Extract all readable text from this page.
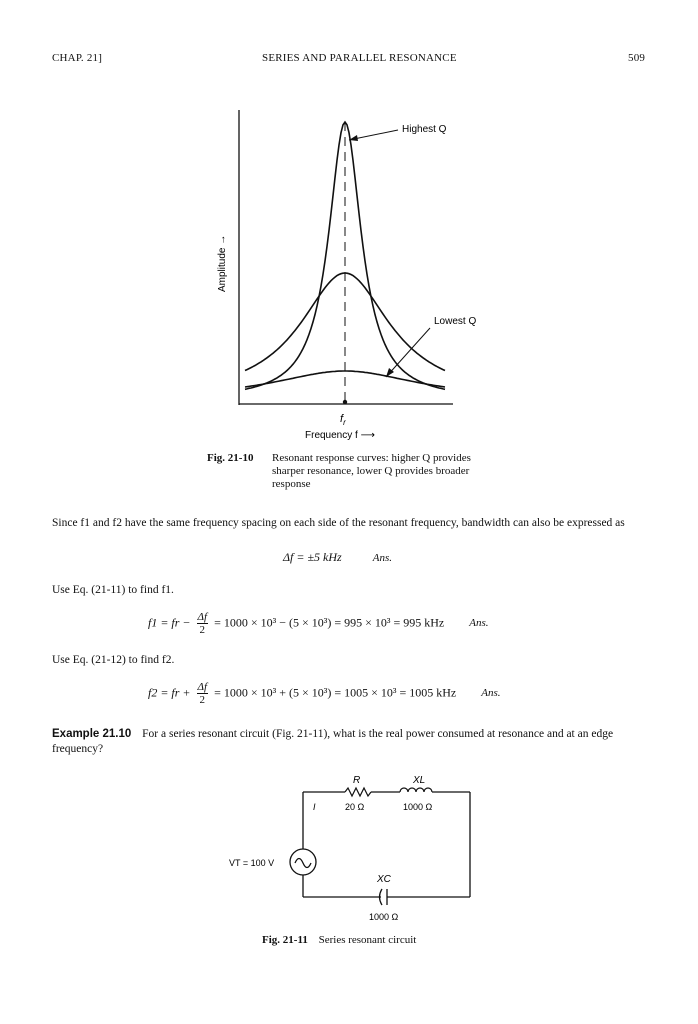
CHAP. 21]	SERIES AND PARALLEL RESONANCE	509
Amplitude →
Highest Q
Lowest Q
$f_r$
Frequency f ⟶
Fig. 21-10	Resonant response curves: higher Q provides
sharper resonance, lower Q provides broader
response
Since f1 and f2 have the same frequency spacing on each side of the resonant frequency, bandwidth can also be expressed as
Δf = ±5 kHz	Ans.
Use Eq. (21-11) to find f1.
f1 = fr − $\frac{\Delta f}{2} = 1000 \times 10^3 - (5 \times 10^3) = 995 \times 10^3 = 995$ kHz Ans.
Use Eq. (21-12) to find f2.
f2 = fr + $\frac{\Delta f}{2} = 1000 \times 10^3 + (5 \times 10^3) = 1005 \times 10^3 = 1005$ kHz Ans.
Example 21.10 For a series resonant circuit (Fig. 21-11), what is the real power consumed at resonance and at an edge frequency?
R	XL
I	20 Ω	1000 Ω
VT = 100 V
XC
1000 Ω
Fig. 21-11 Series resonant circuit
